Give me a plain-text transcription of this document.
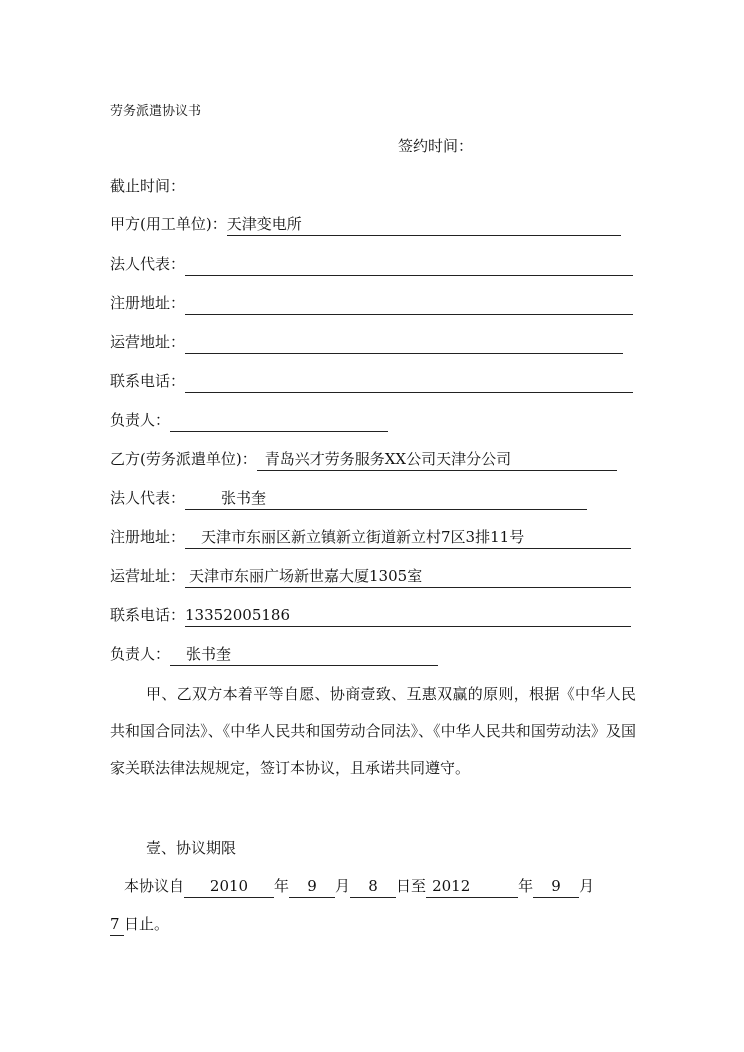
劳务派遣协议书
签约时间：
截止时间：
甲方(用工单位)：天津变电所
法人代表：
注册地址：
运营地址：
联系电话：
负责人：
乙方(劳务派遣单位)： 青岛兴才劳务服务XX公司天津分公司
法人代表： 张书奎
注册地址： 天津市东丽区新立镇新立街道新立村7区3排11号
运营址址： 天津市东丽广场新世嘉大厦1305室
联系电话：13352005186
负责人： 张书奎
甲、乙双方本着平等自愿、协商壹致、互惠双赢的原则，根据《中华人民共和国合同法》、《中华人民共和国劳动合同法》、《中华人民共和国劳动法》及国家关联法律法规规定，签订本协议，且承诺共同遵守。
壹、协议期限
本协议自 2010 年 9 月 8 日至 2012	年 9 月
7 日止。
